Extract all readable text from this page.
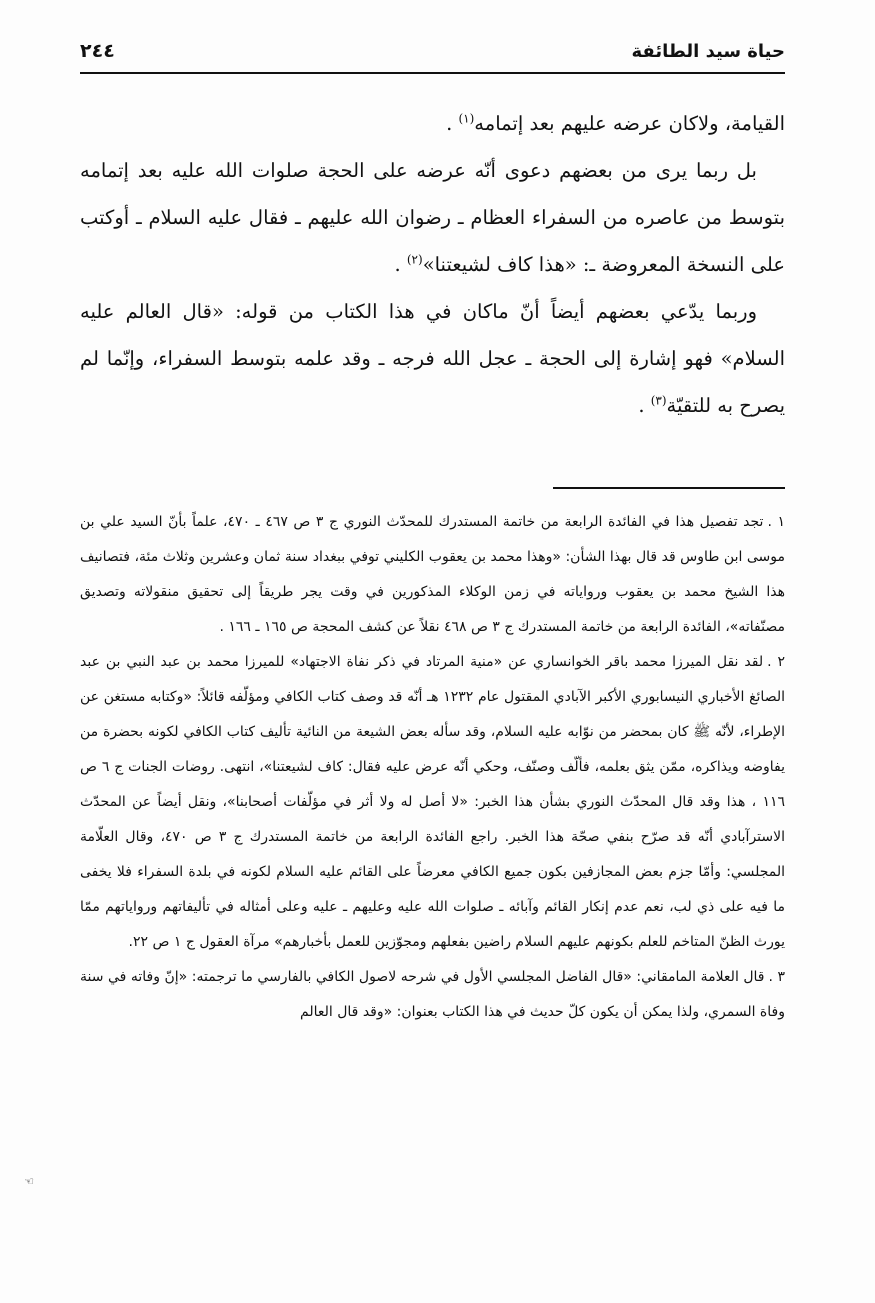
حياة سيد الطائفة
٢٤٤

القيامة، ولاكان عرضه عليهم بعد إتمامه$^{(١)}$ .

بل ربما يرى من بعضهم دعوى أنّه عرضه على الحجة صلوات الله عليه بعد إتمامه بتوسط من عاصره من السفراء العظام ـ رضوان الله عليهم ـ فقال عليه السلام ـ أوكتب على النسخة المعروضة ـ: «هذا كاف لشيعتنا»$^{(٢)}$ .

وربما يدّعي بعضهم أيضاً أنّ ماكان في هذا الكتاب من قوله: «قال العالم عليه السلام» فهو إشارة إلى الحجة ـ عجل الله فرجه ـ وقد علمه بتوسط السفراء، وإنّما لم يصرح به للتقيّة$^{(٣)}$ .

١ .تجد تفصيل هذا في الفائدة الرابعة من خاتمة المستدرك للمحدّث النوري ج ٣ ص ٤٦٧ ـ ٤٧٠، علماً بأنّ السيد علي بن موسى ابن طاوس قد قال بهذا الشأن: «وهذا محمد بن يعقوب الكليني توفي ببغداد سنة ثمان وعشرين وثلاث مئة، فتصانيف هذا الشيخ محمد بن يعقوب ورواياته في زمن الوكلاء المذكورين في وقت يجر طريقاً إلى تحقيق منقولاته وتصديق مصنّفاته»، الفائدة الرابعة من خاتمة المستدرك ج ٣ ص ٤٦٨ نقلاً عن كشف المحجة ص ١٦٥ ـ ١٦٦ .

٢ .لقد نقل الميرزا محمد باقر الخوانساري عن «منية المرتاد في ذكر نفاة الاجتهاد» للميرزا محمد بن عبد النبي بن عبد الصائغ الأخباري النيسابوري الأكبر الآبادي المقتول عام ١٢٣٢ هـ أنّه قد وصف كتاب الكافي ومؤلّفه قائلاً: «وكتابه مستغن عن الإطراء، لأنّه ﷺ كان بمحضر من نوّابه عليه السلام، وقد سأله بعض الشيعة من النائية تأليف كتاب الكافي لكونه بحضرة من يفاوضه ويذاكره، ممّن يثق بعلمه، فألّف وصنّف، وحكي أنّه عرض عليه فقال: كاف لشيعتنا»، انتهى. روضات الجنات ج ٦ ص ١١٦ ، هذا وقد قال المحدّث النوري بشأن هذا الخبر: «لا أصل له ولا أثر في مؤلّفات أصحابنا»، ونقل أيضاً عن المحدّث الاسترآبادي أنّه قد صرّح بنفي صحّة هذا الخبر. راجع الفائدة الرابعة من خاتمة المستدرك ج ٣ ص ٤٧٠، وقال العلّامة المجلسي: وأمّا جزم بعض المجازفين بكون جميع الكافي معرضاً على القائم عليه السلام لكونه في بلدة السفراء فلا يخفى ما فيه على ذي لب، نعم عدم إنكار القائم وآبائه ـ صلوات الله عليه وعليهم ـ عليه وعلى أمثاله في تأليفاتهم ورواياتهم ممّا يورث الظنّ المتاخم للعلم بكونهم عليهم السلام راضين بفعلهم ومجوّزين للعمل بأخبارهم» مرآة العقول ج ١ ص ٢٢.

٣ .قال العلامة المامقاني: «قال الفاضل المجلسي الأول في شرحه لاصول الكافي بالفارسي ما ترجمته: «إنّ وفاته في سنة وفاة السمري، ولذا يمكن أن يكون كلّ حديث في هذا الكتاب بعنوان: «وقد قال العالم

☜
